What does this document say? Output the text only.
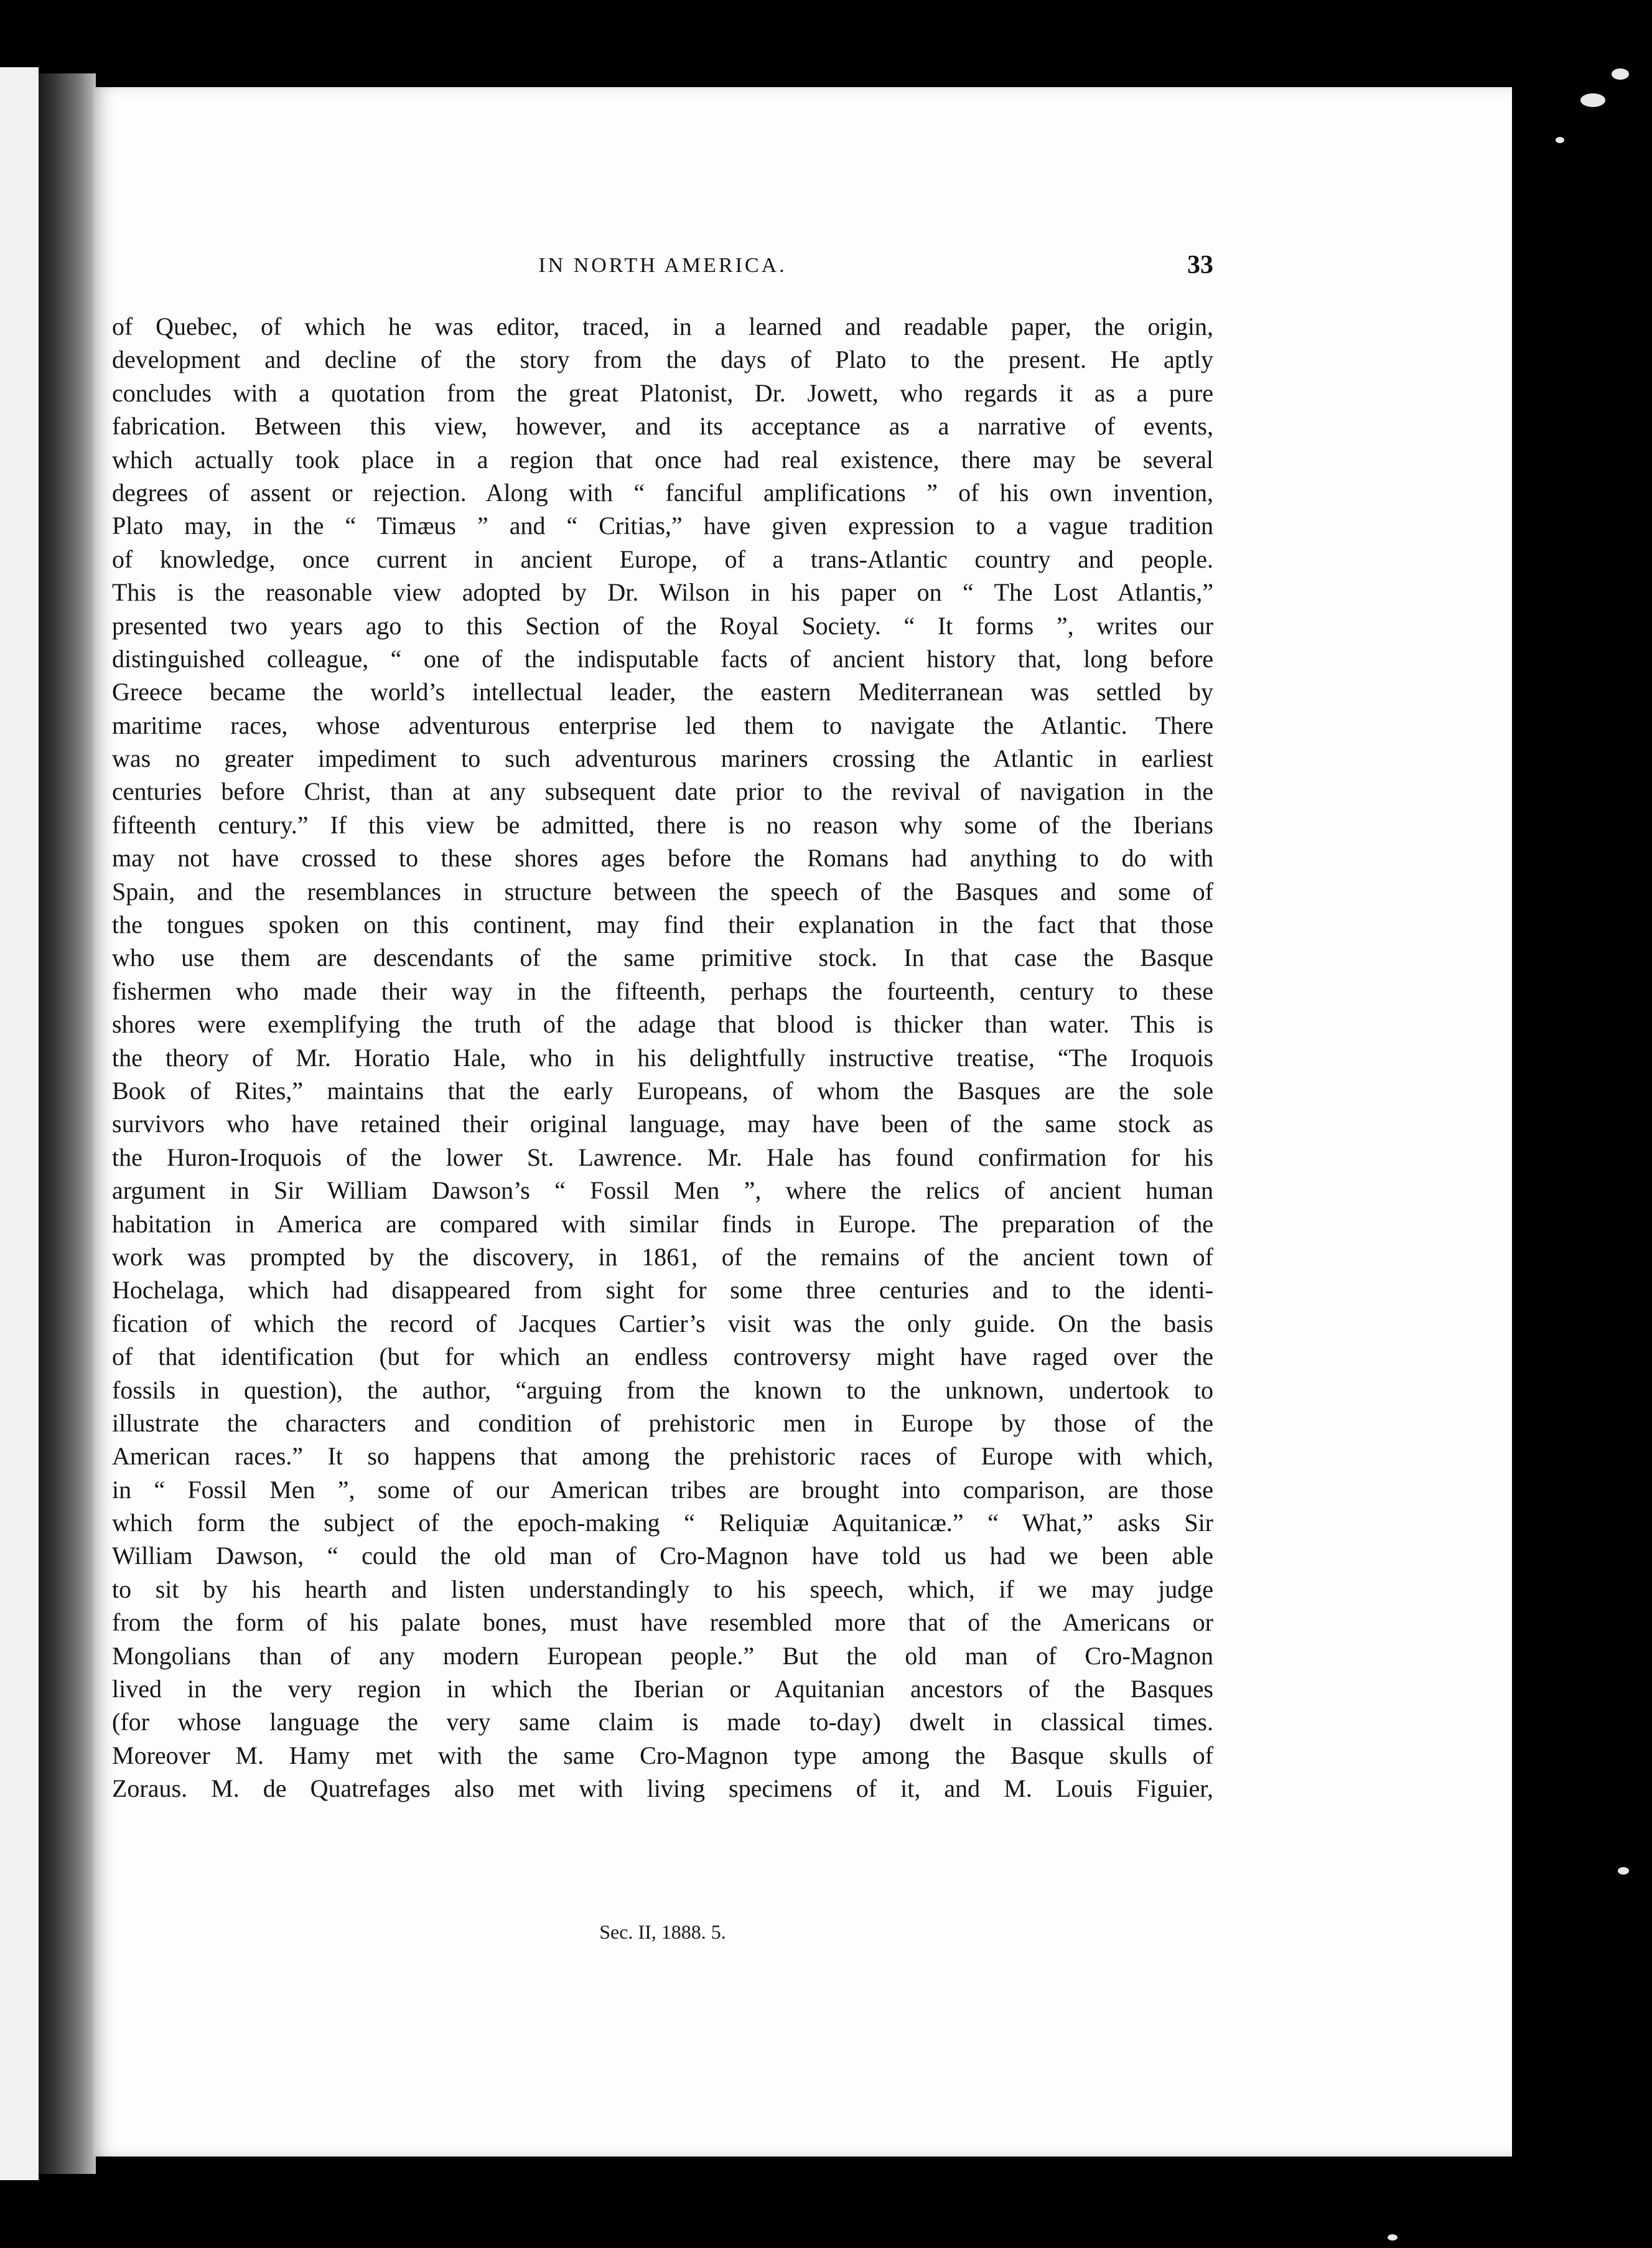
IN NORTH AMERICA.	33
of Quebec, of which he was editor, traced, in a learned and readable paper, the origin,
development and decline of the story from the days of Plato to the present. He aptly
concludes with a quotation from the great Platonist, Dr. Jowett, who regards it as a pure
fabrication. Between this view, however, and its acceptance as a narrative of events,
which actually took place in a region that once had real existence, there may be several
degrees of assent or rejection. Along with “ fanciful amplifications ” of his own invention,
Plato may, in the “ Timæus ” and “ Critias,” have given expression to a vague tradition
of knowledge, once current in ancient Europe, of a trans-Atlantic country and people.
This is the reasonable view adopted by Dr. Wilson in his paper on “ The Lost Atlantis,”
presented two years ago to this Section of the Royal Society. “ It forms ”, writes our
distinguished colleague, “ one of the indisputable facts of ancient history that, long before
Greece became the world’s intellectual leader, the eastern Mediterranean was settled by
maritime races, whose adventurous enterprise led them to navigate the Atlantic. There
was no greater impediment to such adventurous mariners crossing the Atlantic in earliest
centuries before Christ, than at any subsequent date prior to the revival of navigation in the
fifteenth century.” If this view be admitted, there is no reason why some of the Iberians
may not have crossed to these shores ages before the Romans had anything to do with
Spain, and the resemblances in structure between the speech of the Basques and some of
the tongues spoken on this continent, may find their explanation in the fact that those
who use them are descendants of the same primitive stock. In that case the Basque
fishermen who made their way in the fifteenth, perhaps the fourteenth, century to these
shores were exemplifying the truth of the adage that blood is thicker than water. This is
the theory of Mr. Horatio Hale, who in his delightfully instructive treatise, “The Iroquois
Book of Rites,” maintains that the early Europeans, of whom the Basques are the sole
survivors who have retained their original language, may have been of the same stock as
the Huron-Iroquois of the lower St. Lawrence. Mr. Hale has found confirmation for his
argument in Sir William Dawson’s “ Fossil Men ”, where the relics of ancient human
habitation in America are compared with similar finds in Europe. The preparation of the
work was prompted by the discovery, in 1861, of the remains of the ancient town of
Hochelaga, which had disappeared from sight for some three centuries and to the identi-
fication of which the record of Jacques Cartier’s visit was the only guide. On the basis
of that identification (but for which an endless controversy might have raged over the
fossils in question), the author, “arguing from the known to the unknown, undertook to
illustrate the characters and condition of prehistoric men in Europe by those of the
American races.” It so happens that among the prehistoric races of Europe with which,
in “ Fossil Men ”, some of our American tribes are brought into comparison, are those
which form the subject of the epoch-making “ Reliquiæ Aquitanicæ.” “ What,” asks Sir
William Dawson, “ could the old man of Cro-Magnon have told us had we been able
to sit by his hearth and listen understandingly to his speech, which, if we may judge
from the form of his palate bones, must have resembled more that of the Americans or
Mongolians than of any modern European people.” But the old man of Cro-Magnon
lived in the very region in which the Iberian or Aquitanian ancestors of the Basques
(for whose language the very same claim is made to-day) dwelt in classical times.
Moreover M. Hamy met with the same Cro-Magnon type among the Basque skulls of
Zoraus. M. de Quatrefages also met with living specimens of it, and M. Louis Figuier,
Sec. II, 1888. 5.
